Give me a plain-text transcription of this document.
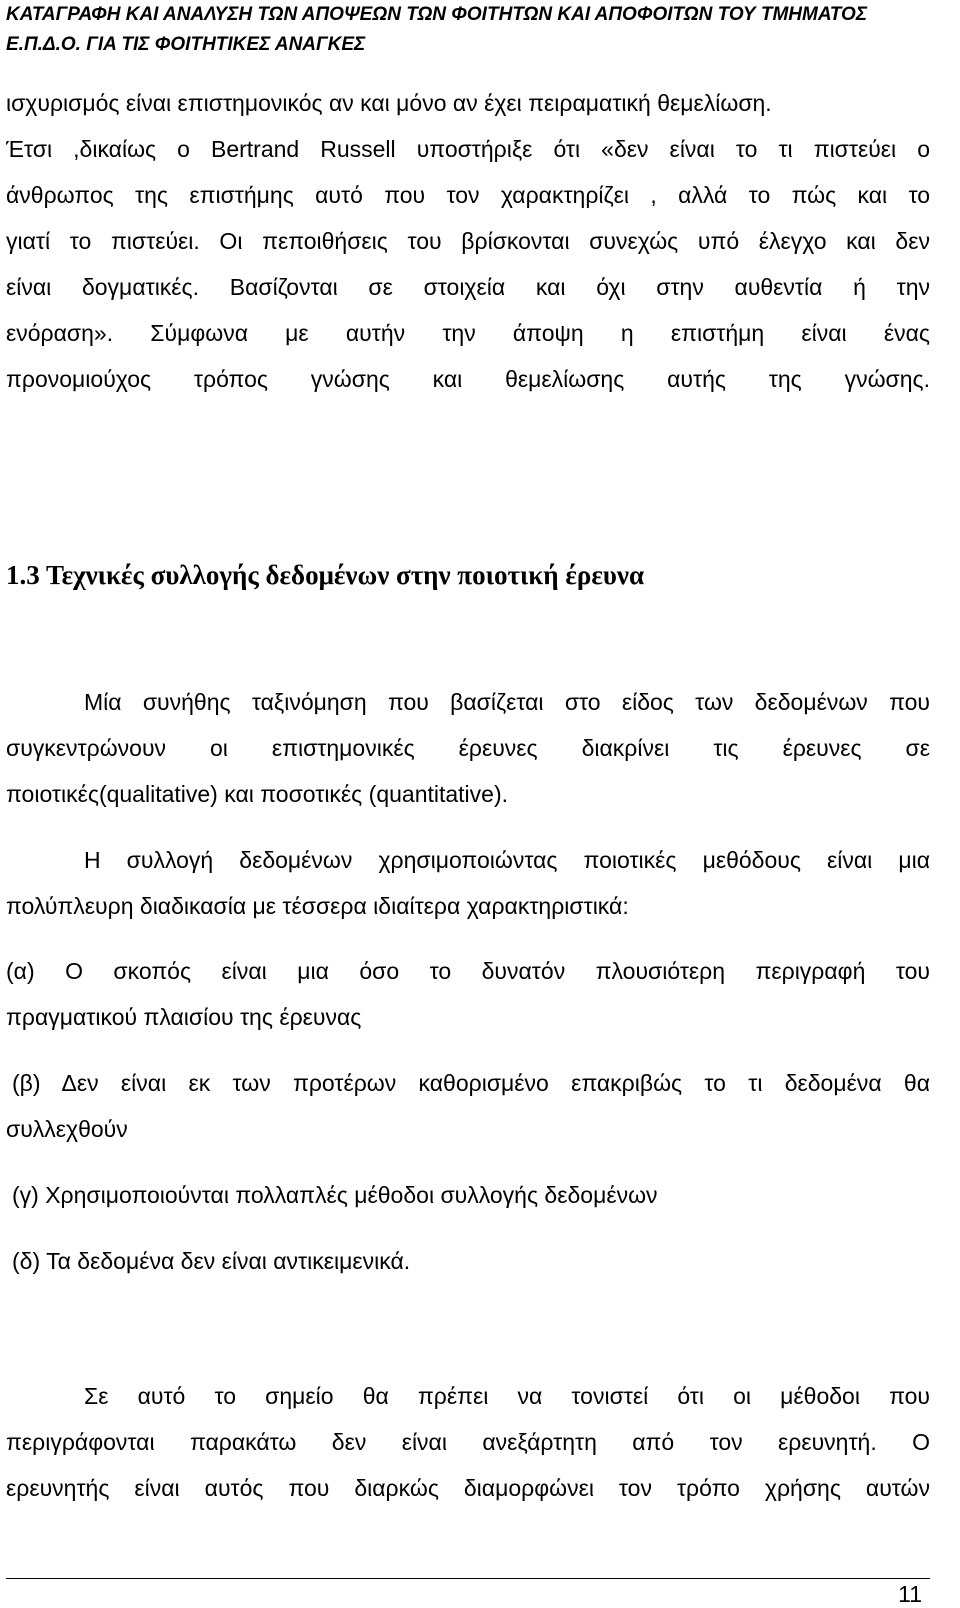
ΚΑΤΑΓΡΑΦΗ ΚΑΙ ΑΝΑΛΥΣΗ ΤΩΝ ΑΠΟΨΕΩΝ ΤΩΝ ΦΟΙΤΗΤΩΝ ΚΑΙ ΑΠΟΦΟΙΤΩΝ ΤΟΥ ΤΜΗΜΑΤΟΣ
Ε.Π.Δ.Ο. ΓΙΑ ΤΙΣ ΦΟΙΤΗΤΙΚΕΣ ΑΝΑΓΚΕΣ
ισχυρισμός είναι επιστημονικός αν και μόνο αν έχει πειραματική θεμελίωση.
Έτσι ,δικαίως ο Bertrand Russell υποστήριξε ότι «δεν είναι το τι πιστεύει ο
άνθρωπος της επιστήμης αυτό που τον χαρακτηρίζει , αλλά το πώς και το
γιατί το πιστεύει. Οι πεποιθήσεις του βρίσκονται συνεχώς υπό έλεγχο και δεν
είναι δογματικές. Βασίζονται σε στοιχεία και όχι στην αυθεντία ή την
ενόραση». Σύμφωνα με αυτήν την άποψη η επιστήμη είναι ένας
προνομιούχος τρόπος γνώσης και θεμελίωσης αυτής της γνώσης.
1.3 Τεχνικές συλλογής δεδομένων στην ποιοτική έρευνα
Μία συνήθης ταξινόμηση που βασίζεται στο είδος των δεδομένων που
συγκεντρώνουν οι επιστημονικές έρευνες διακρίνει τις έρευνες σε
ποιοτικές(qualitative) και ποσοτικές (quantitative).
Η συλλογή δεδομένων χρησιμοποιώντας ποιοτικές μεθόδους είναι μια
πολύπλευρη διαδικασία με τέσσερα ιδιαίτερα χαρακτηριστικά:
(α) Ο σκοπός είναι μια όσο το δυνατόν πλουσιότερη περιγραφή του
πραγματικού πλαισίου της έρευνας
(β) Δεν είναι εκ των προτέρων καθορισμένο επακριβώς το τι δεδομένα θα
συλλεχθούν
(γ) Χρησιμοποιούνται πολλαπλές μέθοδοι συλλογής δεδομένων
(δ) Τα δεδομένα δεν είναι αντικειμενικά.
Σε αυτό το σημείο θα πρέπει να τονιστεί ότι οι μέθοδοι που
περιγράφονται παρακάτω δεν είναι ανεξάρτητη από τον ερευνητή. Ο
ερευνητής είναι αυτός που διαρκώς διαμορφώνει τον τρόπο χρήσης αυτών
11
